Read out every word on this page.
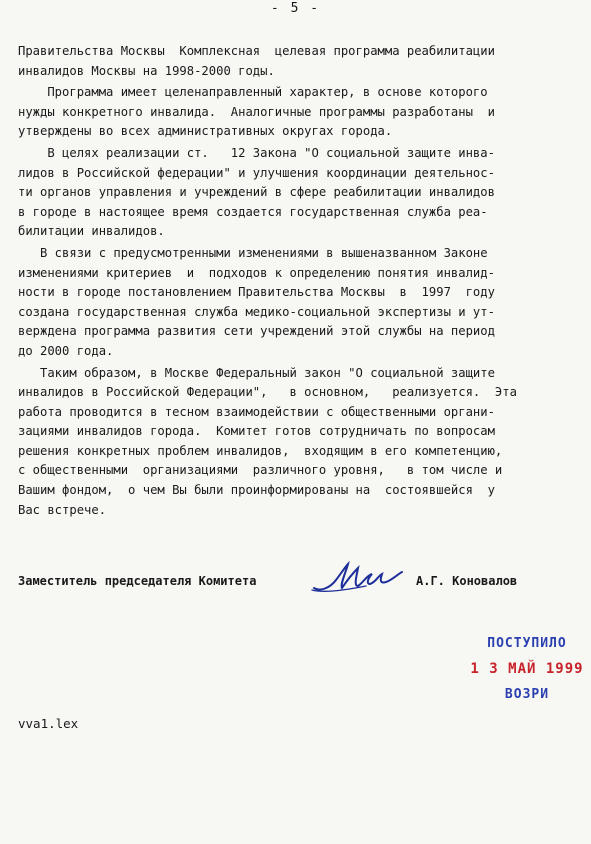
- 5 -
Правительства Москвы  Комплексная  целевая программа реабилитации
инвалидов Москвы на 1998-2000 годы.
Программа имеет целенаправленный характер, в основе которого
нужды конкретного инвалида.  Аналогичные программы разработаны  и
утверждены во всех административных округах города.
В целях реализации ст.   12 Закона "О социальной защите инва-
лидов в Российской федерации" и улучшения координации деятельнос-
ти органов управления и учреждений в сфере реабилитации инвалидов
в городе в настоящее время создается государственная служба реа-
билитации инвалидов.
В связи с предусмотренными изменениями в вышеназванном Законе
изменениями критериев  и  подходов к определению понятия инвалид-
ности в городе постановлением Правительства Москвы  в  1997  году
создана государственная служба медико-социальной экспертизы и ут-
верждена программа развития сети учреждений этой службы на период
до 2000 года.
Таким образом, в Москве Федеральный закон "О социальной защите
инвалидов в Российской Федерации",   в основном,   реализуется.  Эта
работа проводится в тесном взаимодействии с общественными органи-
зациями инвалидов города.  Комитет готов сотрудничать по вопросам
решения конкретных проблем инвалидов,  входящим в его компетенцию,
с общественными  организациями  различного уровня,   в том числе и
Вашим фондом,  о чем Вы были проинформированы на  состоявшейся  у
Вас встрече.
Заместитель председателя Комитета	А.Г. Коновалов
ПОСТУПИЛО
1 3 МАЙ 1999
ВОЗРИ
vva1.lex
